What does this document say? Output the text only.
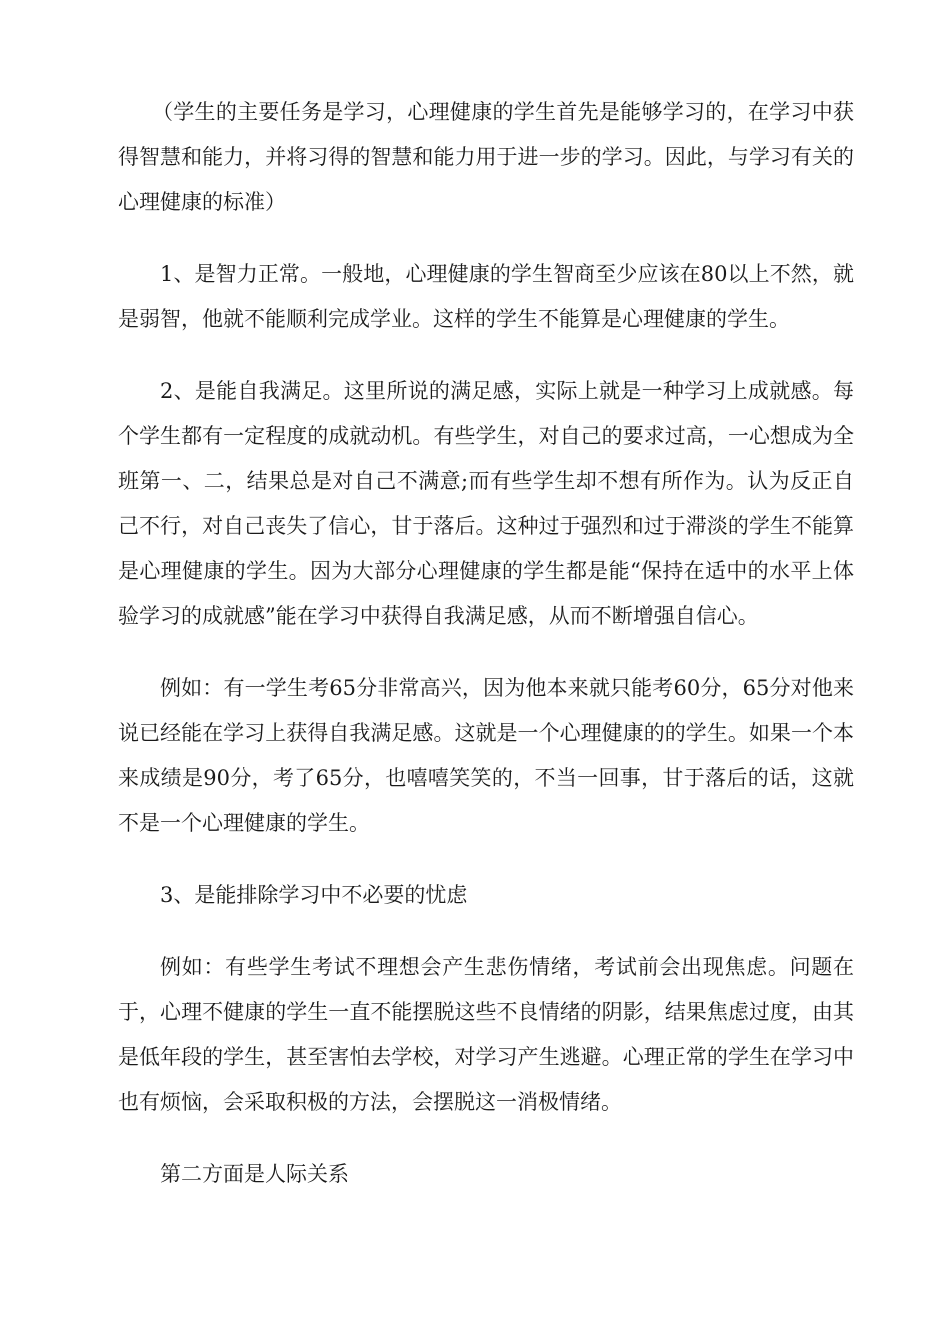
（学生的主要任务是学习，心理健康的学生首先是能够学习的，在学习中获得智慧和能力，并将习得的智慧和能力用于进一步的学习。因此，与学习有关的心理健康的标准）

1、是智力正常。一般地，心理健康的学生智商至少应该在80以上不然，就是弱智，他就不能顺利完成学业。这样的学生不能算是心理健康的学生。

2、是能自我满足。这里所说的满足感，实际上就是一种学习上成就感。每个学生都有一定程度的成就动机。有些学生，对自己的要求过高，一心想成为全班第一、二，结果总是对自己不满意;而有些学生却不想有所作为。认为反正自己不行，对自己丧失了信心，甘于落后。这种过于强烈和过于滞淡的学生不能算是心理健康的学生。因为大部分心理健康的学生都是能“保持在适中的水平上体验学习的成就感”能在学习中获得自我满足感，从而不断增强自信心。

例如：有一学生考65分非常高兴，因为他本来就只能考60分，65分对他来说已经能在学习上获得自我满足感。这就是一个心理健康的的学生。如果一个本来成绩是90分，考了65分，也嘻嘻笑笑的，不当一回事，甘于落后的话，这就不是一个心理健康的学生。

3、是能排除学习中不必要的忧虑

例如：有些学生考试不理想会产生悲伤情绪，考试前会出现焦虑。问题在于，心理不健康的学生一直不能摆脱这些不良情绪的阴影，结果焦虑过度，由其是低年段的学生，甚至害怕去学校，对学习产生逃避。心理正常的学生在学习中也有烦恼，会采取积极的方法，会摆脱这一消极情绪。

第二方面是人际关系
